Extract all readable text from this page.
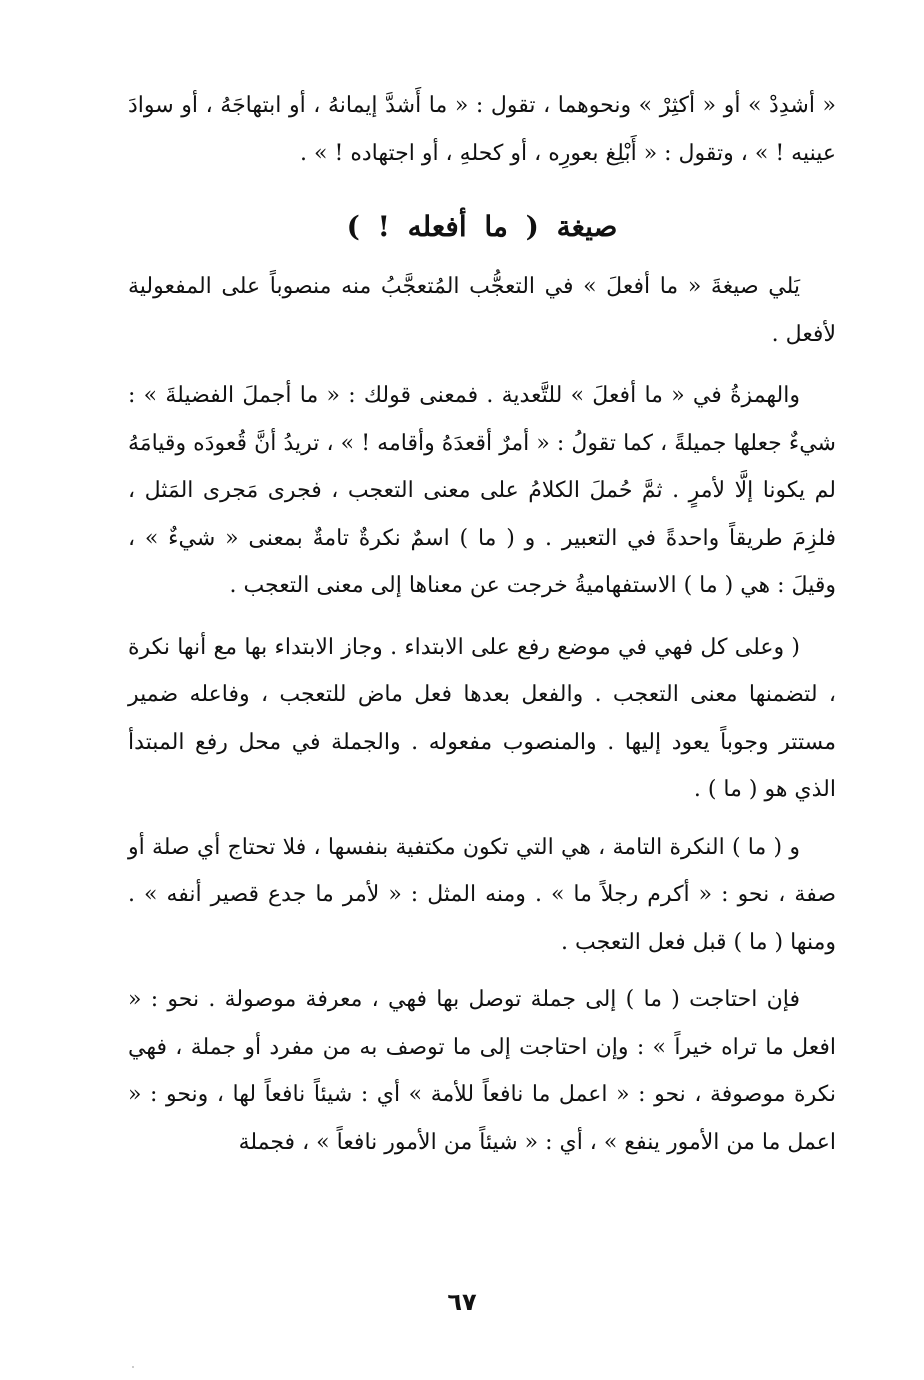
« أشدِدْ » أو « أكثِرْ » ونحوهما ، تقول : « ما أَشدَّ إيمانهُ ، أو ابتهاجَهُ ، أو سوادَ عينيه ! » ، وتقول : « أَبْلِغ بعورِه ، أو كحلهِ ، أو اجتهاده ! » .

صيغة ( ما أفعله ! )

يَلي صيغةَ « ما أفعلَ » في التعجُّب المُتعجَّبُ منه منصوباً على المفعولية لأفعل .

والهمزةُ في « ما أفعلَ » للتَّعدية . فمعنى قولك : « ما أجملَ الفضيلةَ » : شيءٌ جعلها جميلةً ، كما تقولُ : « أمرٌ أقعدَهُ وأقامه ! » ، تريدُ أنَّ قُعودَه وقيامَهُ لم يكونا إلَّا لأمرٍ . ثمَّ حُملَ الكلامُ على معنى التعجب ، فجرى مَجرى المَثل ، فلزِمَ طريقاً واحدةً في التعبير . و ( ما ) اسمٌ نكرةٌ تامةٌ بمعنى « شيءٌ » ، وقيلَ : هي ( ما ) الاستفهاميةُ خرجت عن معناها إلى معنى التعجب .

( وعلى كل فهي في موضع رفع على الابتداء . وجاز الابتداء بها مع أنها نكرة ، لتضمنها معنى التعجب . والفعل بعدها فعل ماض للتعجب ، وفاعله ضمير مستتر وجوباً يعود إليها . والمنصوب مفعوله . والجملة في محل رفع المبتدأ الذي هو ( ما ) .

و ( ما ) النكرة التامة ، هي التي تكون مكتفية بنفسها ، فلا تحتاج أي صلة أو صفة ، نحو : « أكرم رجلاً ما » . ومنه المثل : « لأمر ما جدع قصير أنفه » . ومنها ( ما ) قبل فعل التعجب .

فإن احتاجت ( ما ) إلى جملة توصل بها فهي ، معرفة موصولة . نحو : « افعل ما تراه خيراً » : وإن احتاجت إلى ما توصف به من مفرد أو جملة ، فهي نكرة موصوفة ، نحو : « اعمل ما نافعاً للأمة » أي : شيئاً نافعاً لها ، ونحو : « اعمل ما من الأمور ينفع » ، أي : « شيئاً من الأمور نافعاً » ، فجملة

٦٧
